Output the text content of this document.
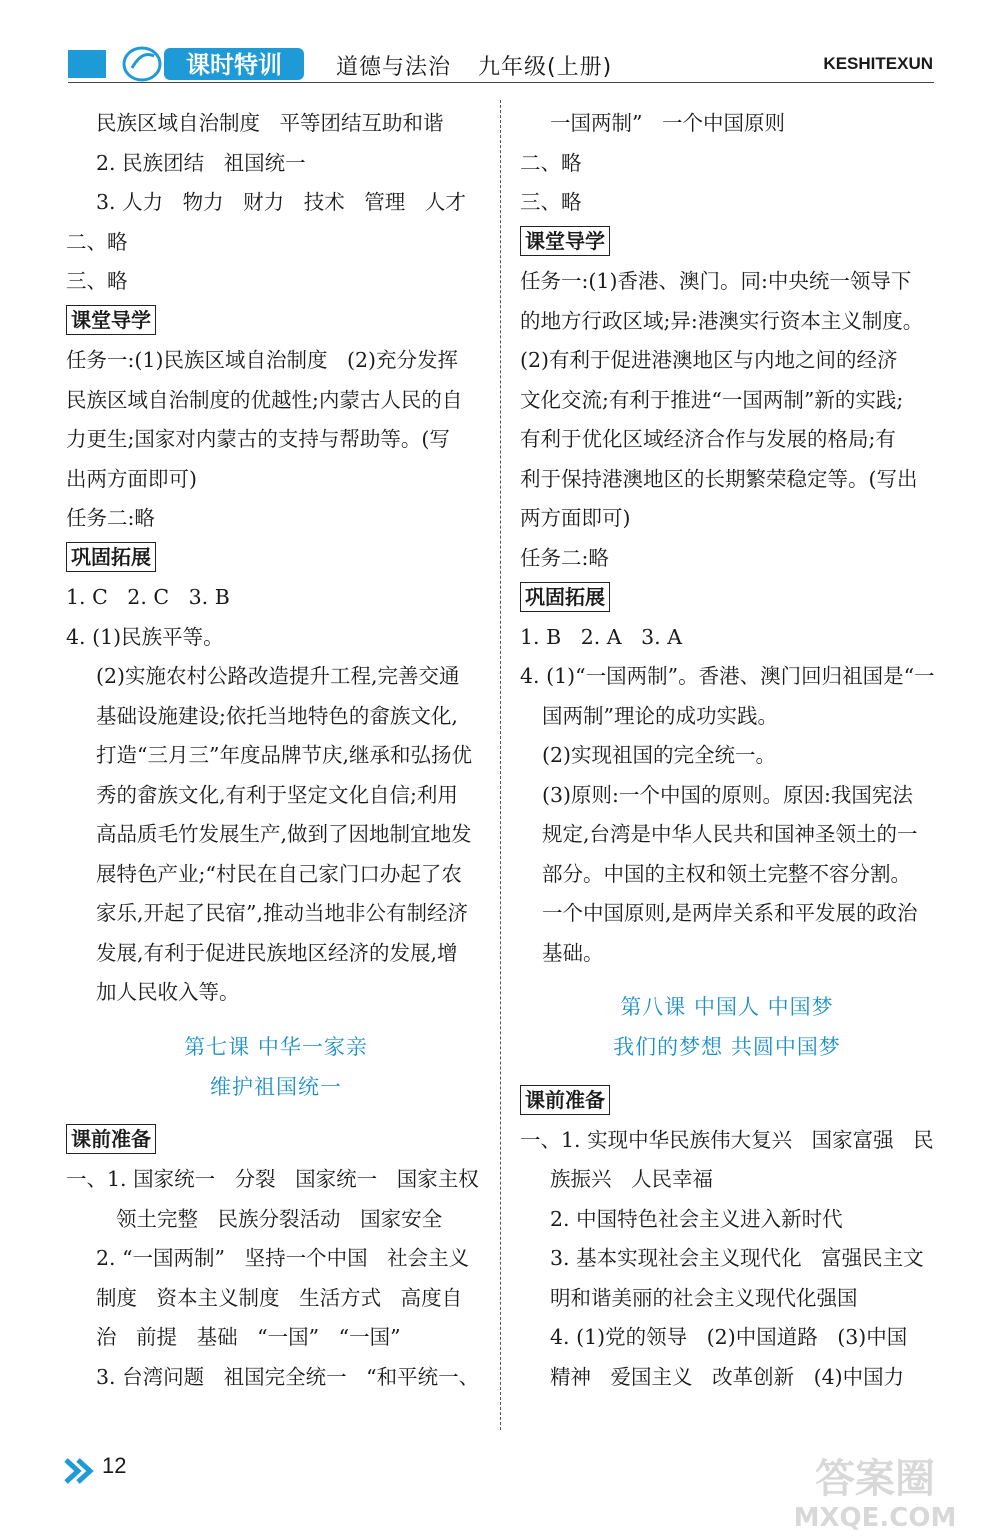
课时特训 道德与法治 九年级(上册)	KESHITEXUN
民族区域自治制度   平等团结互助和谐
2. 民族团结   祖国统一
3. 人力   物力   财力   技术   管理   人才
二、略
三、略
课堂导学
任务一:(1)民族区域自治制度   (2)充分发挥
民族区域自治制度的优越性;内蒙古人民的自
力更生;国家对内蒙古的支持与帮助等。(写
出两方面即可)
任务二:略
巩固拓展
1. C   2. C   3. B
4. (1)民族平等。
(2)实施农村公路改造提升工程,完善交通
基础设施建设;依托当地特色的畲族文化,
打造“三月三”年度品牌节庆,继承和弘扬优
秀的畲族文化,有利于坚定文化自信;利用
高品质毛竹发展生产,做到了因地制宜地发
展特色产业;“村民在自己家门口办起了农
家乐,开起了民宿”,推动当地非公有制经济
发展,有利于促进民族地区经济的发展,增
加人民收入等。
第七课 中华一家亲
维护祖国统一
课前准备
一、1. 国家统一   分裂   国家统一   国家主权
领土完整   民族分裂活动   国家安全
2. “一国两制”   坚持一个中国   社会主义
制度   资本主义制度   生活方式   高度自
治   前提   基础   “一国”   “一国”
3. 台湾问题   祖国完全统一   “和平统一、
一国两制”   一个中国原则
二、略
三、略
课堂导学
任务一:(1)香港、澳门。同:中央统一领导下
的地方行政区域;异:港澳实行资本主义制度。
(2)有利于促进港澳地区与内地之间的经济
文化交流;有利于推进“一国两制”新的实践;
有利于优化区域经济合作与发展的格局;有
利于保持港澳地区的长期繁荣稳定等。(写出
两方面即可)
任务二:略
巩固拓展
1. B   2. A   3. A
4. (1)“一国两制”。香港、澳门回归祖国是“一
国两制”理论的成功实践。
(2)实现祖国的完全统一。
(3)原则:一个中国的原则。原因:我国宪法
规定,台湾是中华人民共和国神圣领土的一
部分。中国的主权和领土完整不容分割。
一个中国原则,是两岸关系和平发展的政治
基础。
第八课 中国人 中国梦
我们的梦想 共圆中国梦
课前准备
一、1. 实现中华民族伟大复兴   国家富强   民
族振兴   人民幸福
2. 中国特色社会主义进入新时代
3. 基本实现社会主义现代化   富强民主文
明和谐美丽的社会主义现代化强国
4. (1)党的领导   (2)中国道路   (3)中国
精神   爱国主义   改革创新   (4)中国力
12	答案圈
MXQE.COM
